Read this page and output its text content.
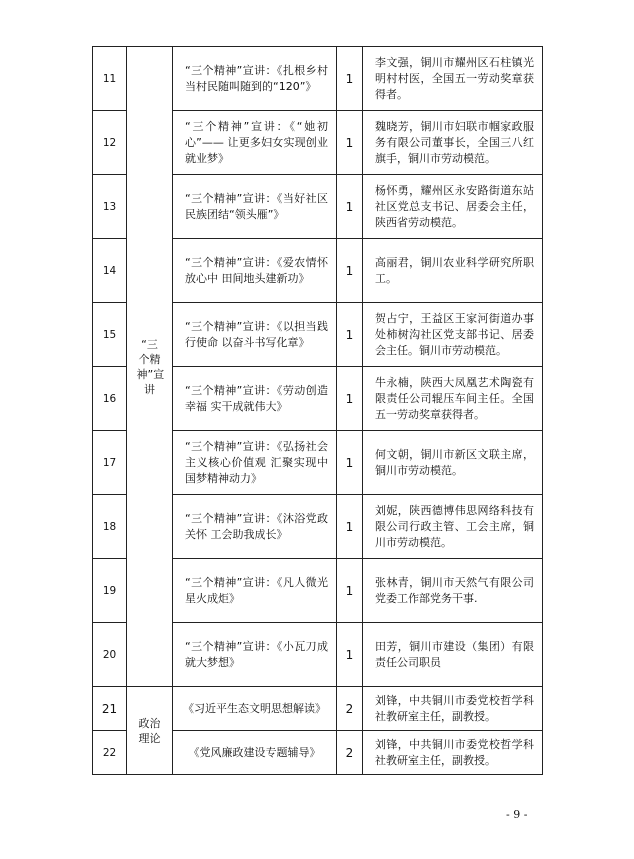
11	“三个精神”宣讲	“三个精神”宣讲：《扎根乡村 当村民随叫随到的“120”》	1	李文强，铜川市耀州区石柱镇光明村村医，全国五一劳动奖章获得者。
12		“三个精神”宣讲：《“她初心”—— 让更多妇女实现创业就业梦》	1	魏晓芳，铜川市妇联市帼家政服务有限公司董事长，全国三八红旗手，铜川市劳动模范。
13		“三个精神”宣讲：《当好社区民族团结“领头雁”》	1	杨怀勇，耀州区永安路街道东站社区党总支书记、居委会主任，陕西省劳动模范。
14		“三个精神”宣讲：《爱农情怀放心中 田间地头建新功》	1	高丽君，铜川农业科学研究所职工。
15		“三个精神”宣讲：《以担当践行使命 以奋斗书写化章》	1	贺占宁，王益区王家河街道办事处柿树沟社区党支部书记、居委会主任。铜川市劳动模范。
16		“三个精神”宣讲：《劳动创造幸福 实干成就伟大》	1	牛永楠，陕西大凤凰艺术陶瓷有限责任公司辊压车间主任。全国五一劳动奖章获得者。
17		“三个精神”宣讲：《弘扬社会主义核心价值观 汇聚实现中国梦精神动力》	1	何文朝，铜川市新区文联主席，铜川市劳动模范。
18		“三个精神”宣讲：《沐浴党政关怀 工会助我成长》	1	刘妮，陕西德博伟思网络科技有限公司行政主管、工会主席，铜川市劳动模范。
19		“三个精神”宣讲：《凡人微光 星火成炬》	1	张林青，铜川市天然气有限公司党委工作部党务干事.
20		“三个精神”宣讲：《小瓦刀成就大梦想》	1	田芳，铜川市建设（集团）有限责任公司职员
21	政治理论	《习近平生态文明思想解读》	2	刘锋，中共铜川市委党校哲学科社教研室主任，副教授。
22		《党风廉政建设专题辅导》	2	刘锋，中共铜川市委党校哲学科社教研室主任，副教授。
- 9 -
